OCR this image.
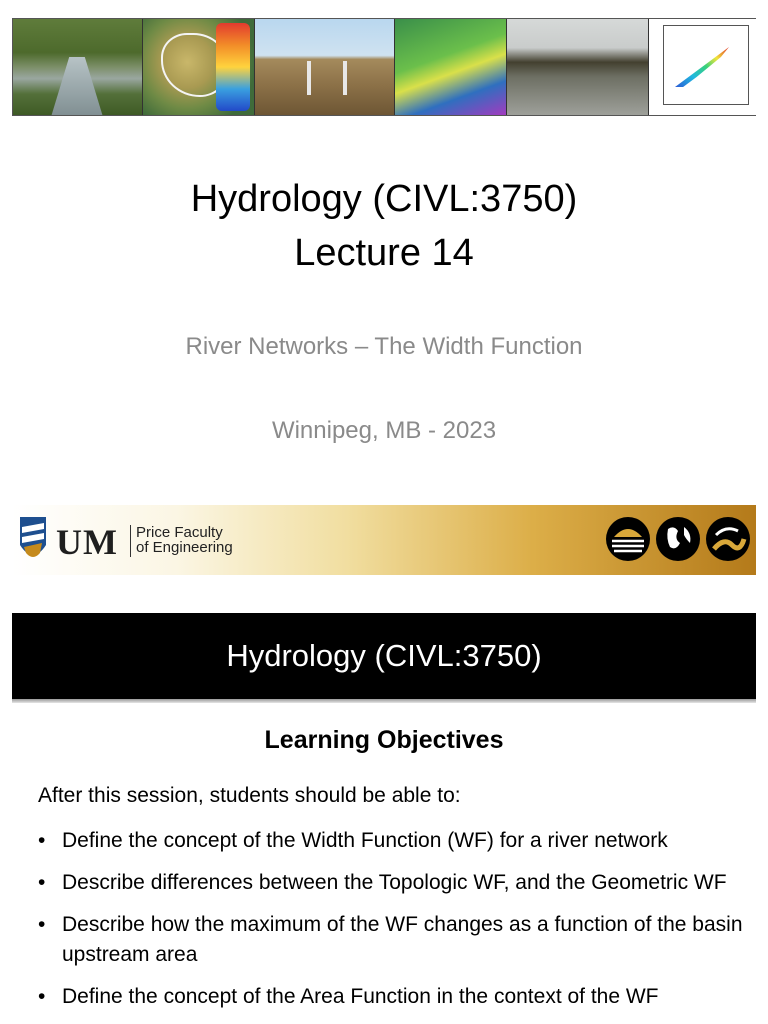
Hydrology (CIVL:3750)
Lecture 14
River Networks – The Width Function
Winnipeg, MB - 2023
UM Price Faculty
of Engineering
Hydrology (CIVL:3750)
Learning Objectives
After this session, students should be able to:
• Define the concept of the Width Function (WF) for a river network
• Describe differences between the Topologic WF, and the Geometric WF
• Describe how the maximum of the WF changes as a function of the basin upstream area
• Define the concept of the Area Function in the context of the WF
